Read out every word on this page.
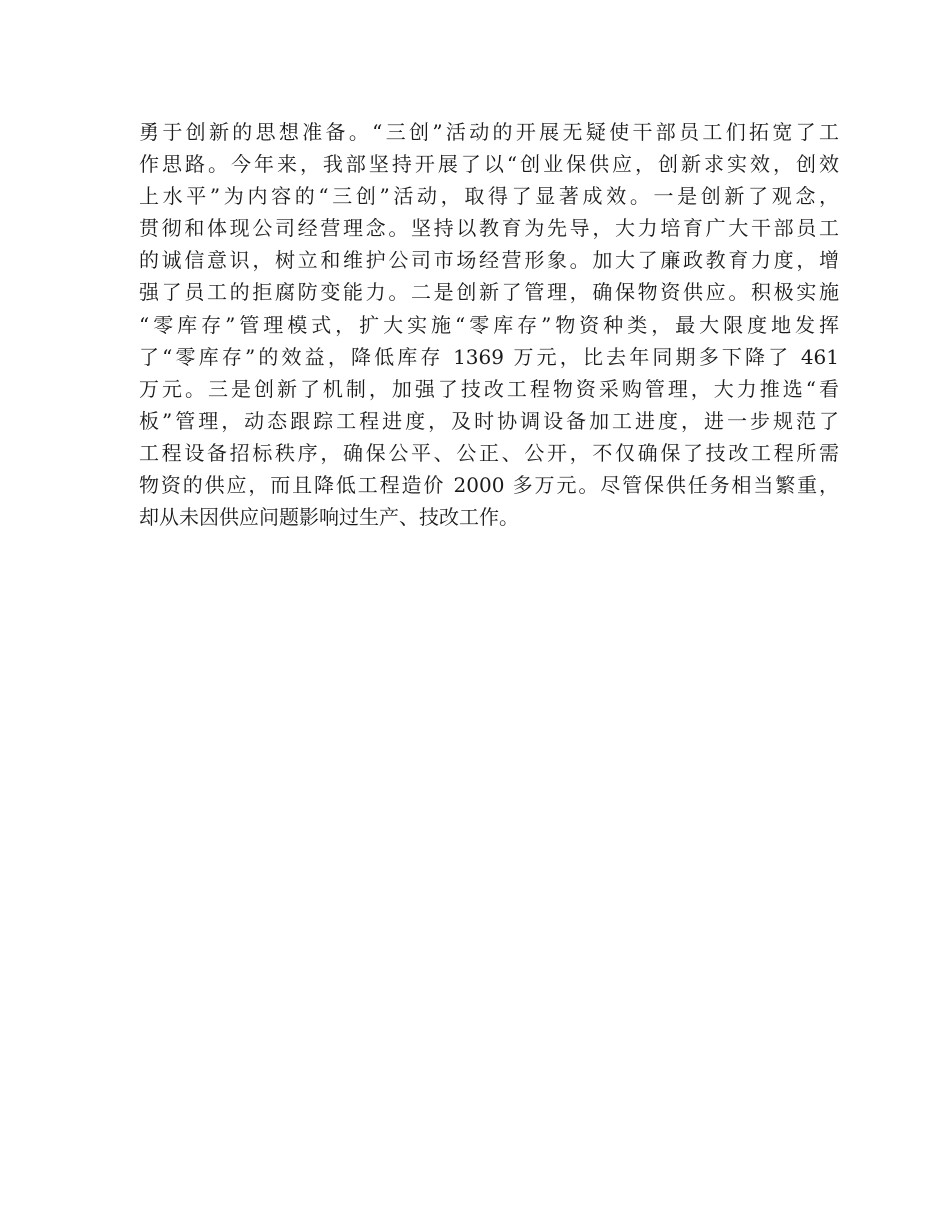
勇于创新的思想准备。“三创”活动的开展无疑使干部员工们拓宽了工

作思路。今年来，我部坚持开展了以“创业保供应，创新求实效，创效

上水平”为内容的“三创”活动，取得了显著成效。一是创新了观念，

贯彻和体现公司经营理念。坚持以教育为先导，大力培育广大干部员工

的诚信意识，树立和维护公司市场经营形象。加大了廉政教育力度，增

强了员工的拒腐防变能力。二是创新了管理，确保物资供应。积极实施

“零库存”管理模式，扩大实施“零库存”物资种类，最大限度地发挥

了“零库存”的效益，降低库存 1369 万元，比去年同期多下降了 461

万元。三是创新了机制，加强了技改工程物资采购管理，大力推选“看

板”管理，动态跟踪工程进度，及时协调设备加工进度，进一步规范了

工程设备招标秩序，确保公平、公正、公开，不仅确保了技改工程所需

物资的供应，而且降低工程造价 2000 多万元。尽管保供任务相当繁重，

却从未因供应问题影响过生产、技改工作。
